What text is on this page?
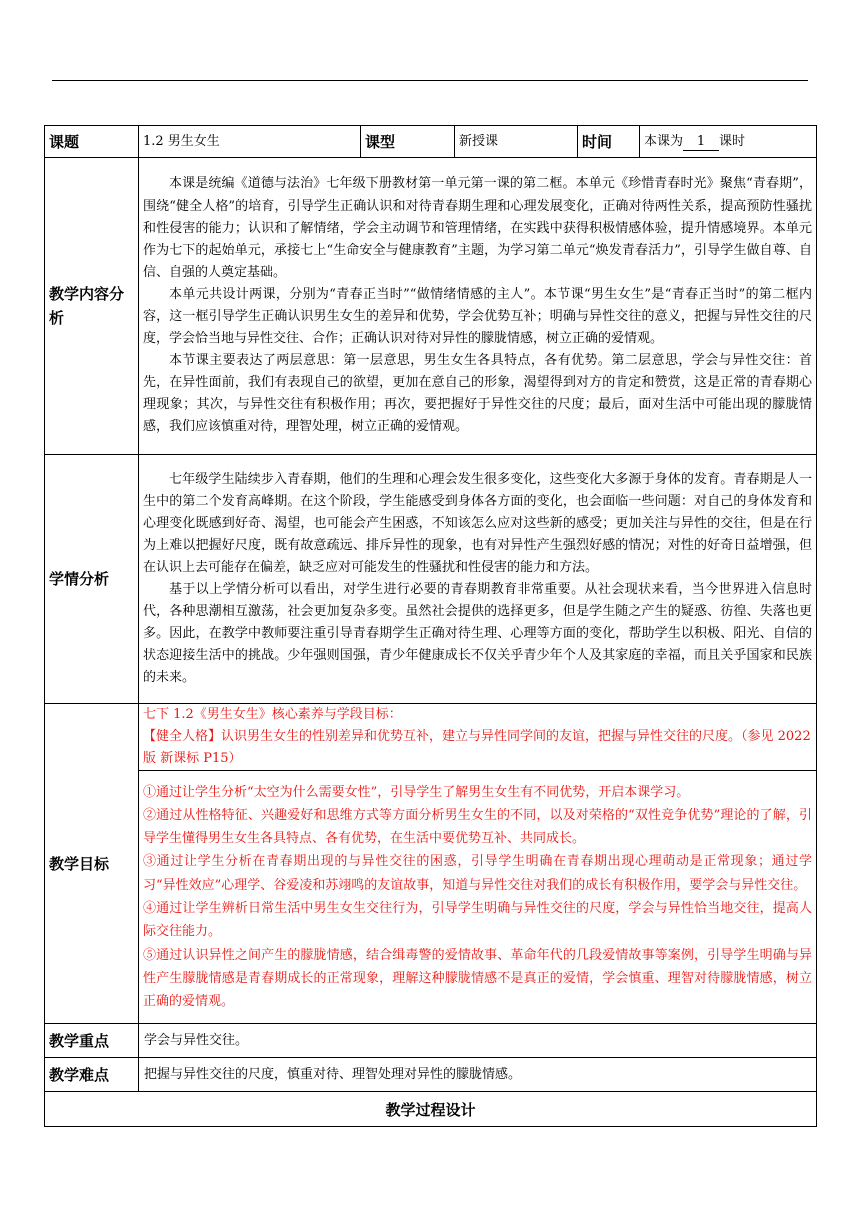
课题	1.2 男生女生	课型	新授课	时间	本课为 1 课时
教学内容分析	本课是统编《道德与法治》七年级下册教材第一单元第一课的第二框。本单元《珍惜青春时光》聚焦“青春期”，围绕“健全人格”的培育，引导学生正确认识和对待青春期生理和心理发展变化，正确对待两性关系，提高预防性骚扰和性侵害的能力；认识和了解情绪，学会主动调节和管理情绪，在实践中获得积极情感体验，提升情感境界。本单元作为七下的起始单元，承接七上“生命安全与健康教育”主题，为学习第二单元“焕发青春活力”，引导学生做自尊、自信、自强的人奠定基础。

本单元共设计两课，分别为“青春正当时”“做情绪情感的主人”。本节课“男生女生”是“青春正当时”的第二框内容，这一框引导学生正确认识男生女生的差异和优势，学会优势互补；明确与异性交往的意义，把握与异性交往的尺度，学会恰当地与异性交往、合作；正确认识对待对异性的朦胧情感，树立正确的爱情观。

本节课主要表达了两层意思：第一层意思，男生女生各具特点，各有优势。第二层意思，学会与异性交往：首先，在异性面前，我们有表现自己的欲望，更加在意自己的形象，渴望得到对方的肯定和赞赏，这是正常的青春期心理现象；其次，与异性交往有积极作用；再次，要把握好于异性交往的尺度；最后，面对生活中可能出现的朦胧情感，我们应该慎重对待，理智处理，树立正确的爱情观。				

学情分析	七年级学生陆续步入青春期，他们的生理和心理会发生很多变化，这些变化大多源于身体的发育。青春期是人一生中的第二个发育高峰期。在这个阶段，学生能感受到身体各方面的变化，也会面临一些问题：对自己的身体发育和心理变化既感到好奇、渴望，也可能会产生困惑，不知该怎么应对这些新的感受；更加关注与异性的交往，但是在行为上难以把握好尺度，既有故意疏远、排斥异性的现象，也有对异性产生强烈好感的情况；对性的好奇日益增强，但在认识上去可能存在偏差，缺乏应对可能发生的性骚扰和性侵害的能力和方法。

基于以上学情分析可以看出，对学生进行必要的青春期教育非常重要。从社会现状来看，当今世界进入信息时代，各种思潮相互激荡，社会更加复杂多变。虽然社会提供的选择更多，但是学生随之产生的疑惑、彷徨、失落也更多。因此，在教学中教师要注重引导青春期学生正确对待生理、心理等方面的变化，帮助学生以积极、阳光、自信的状态迎接生活中的挑战。少年强则国强，青少年健康成长不仅关乎青少年个人及其家庭的幸福，而且关乎国家和民族的未来。				

教学目标	七下 1.2《男生女生》核心素养与学段目标：

【健全人格】认识男生女生的性别差异和优势互补，建立与异性同学间的友谊，把握与异性交往的尺度。（参见 2022 版 新课标 P15）				

	①通过让学生分析“太空为什么需要女性”，引导学生了解男生女生有不同优势，开启本课学习。

②通过从性格特征、兴趣爱好和思维方式等方面分析男生女生的不同，以及对荣格的“双性竞争优势”理论的了解，引导学生懂得男生女生各具特点、各有优势，在生活中要优势互补、共同成长。

③通过让学生分析在青春期出现的与异性交往的困惑，引导学生明确在青春期出现心理萌动是正常现象；通过学习“异性效应”心理学、谷爱凌和苏翊鸣的友谊故事，知道与异性交往对我们的成长有积极作用，要学会与异性交往。

④通过让学生辨析日常生活中男生女生交往行为，引导学生明确与异性交往的尺度，学会与异性恰当地交往，提高人际交往能力。

⑤通过认识异性之间产生的朦胧情感，结合缉毒警的爱情故事、革命年代的几段爱情故事等案例，引导学生明确与异性产生朦胧情感是青春期成长的正常现象，理解这种朦胧情感不是真正的爱情，学会慎重、理智对待朦胧情感，树立正确的爱情观。				

教学重点	学会与异性交往。				
教学难点	把握与异性交往的尺度，慎重对待、理智处理对异性的朦胧情感。				
教学过程设计					
